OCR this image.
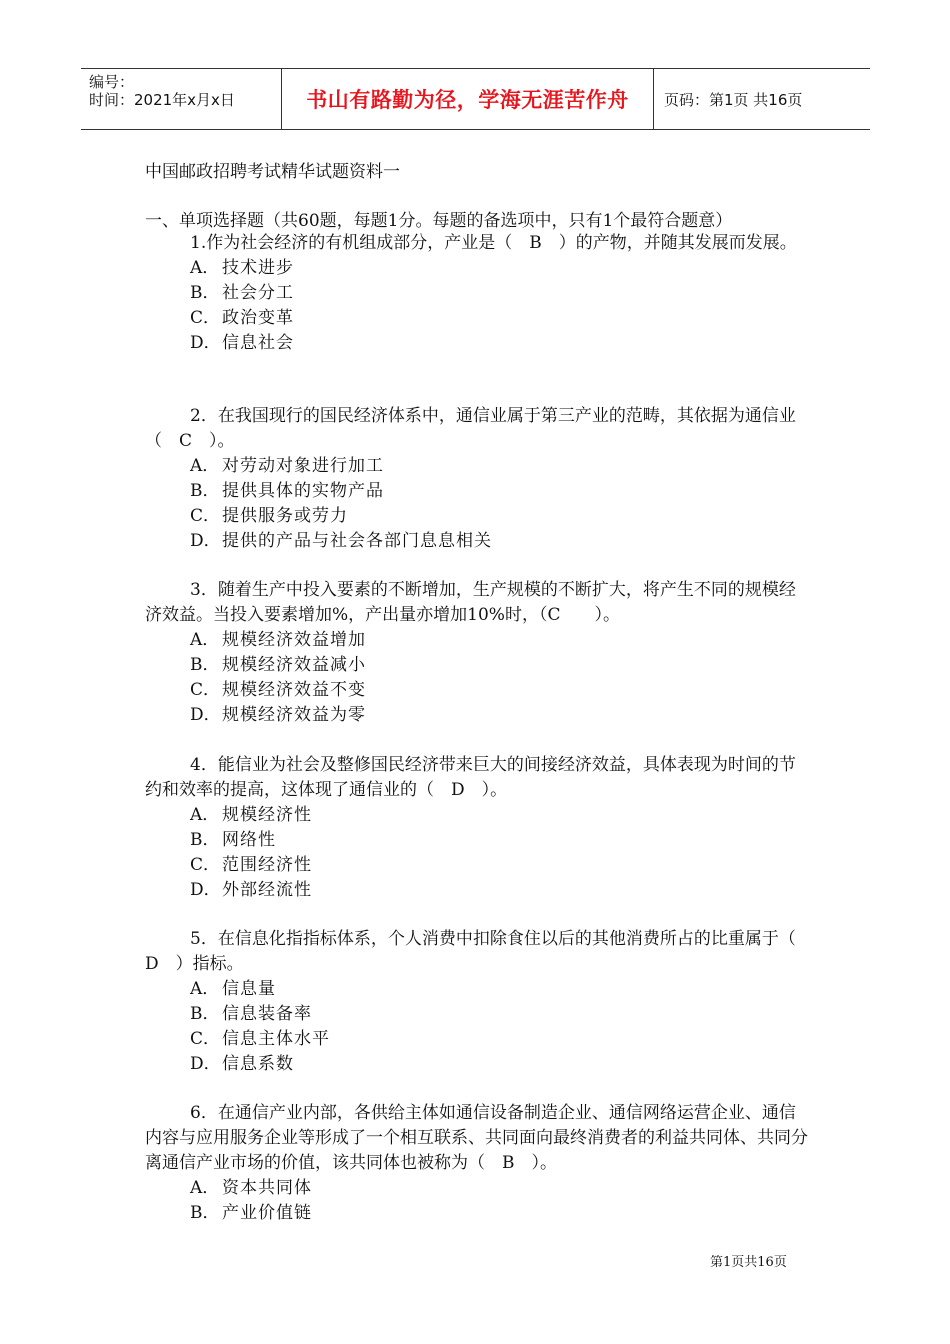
编号：
时间：2021年x月x日	书山有路勤为径，学海无涯苦作舟 页码：第1页 共16页
中国邮政招聘考试精华试题资料一
一、单项选择题（共60题，每题1分。每题的备选项中，只有1个最符合题意）

1.作为社会经济的有机组成部分，产业是（　B　）的产物，并随其发展而发展。

A． 技术进步

B． 社会分工

C． 政治变革

D．信息社会

2．在我国现行的国民经济体系中，通信业属于第三产业的范畴，其依据为通信业（　C　）。

A． 对劳动对象进行加工

B． 提供具体的实物产品

C． 提供服务或劳力

D．提供的产品与社会各部门息息相关

3．随着生产中投入要素的不断增加，生产规模的不断扩大，将产生不同的规模经济效益。当投入要素增加%，产出量亦增加10%时，（C　　）。

A． 规模经济效益增加

B． 规模经济效益减小

C． 规模经济效益不变

D．规模经济效益为零

4．能信业为社会及整修国民经济带来巨大的间接经济效益，具体表现为时间的节约和效率的提高，这体现了通信业的（　D　）。

A． 规模经济性

B． 网络性

C． 范围经济性

D．外部经流性

5．在信息化指指标体系，个人消费中扣除食住以后的其他消费所占的比重属于（　D　）指标。

A． 信息量

B． 信息装备率

C． 信息主体水平

D．信息系数

6．在通信产业内部，各供给主体如通信设备制造企业、通信网络运营企业、通信内容与应用服务企业等形成了一个相互联系、共同面向最终消费者的利益共同体、共同分离通信产业市场的价值，该共同体也被称为（　B　）。

A． 资本共同体

B． 产业价值链

第1页共16页
